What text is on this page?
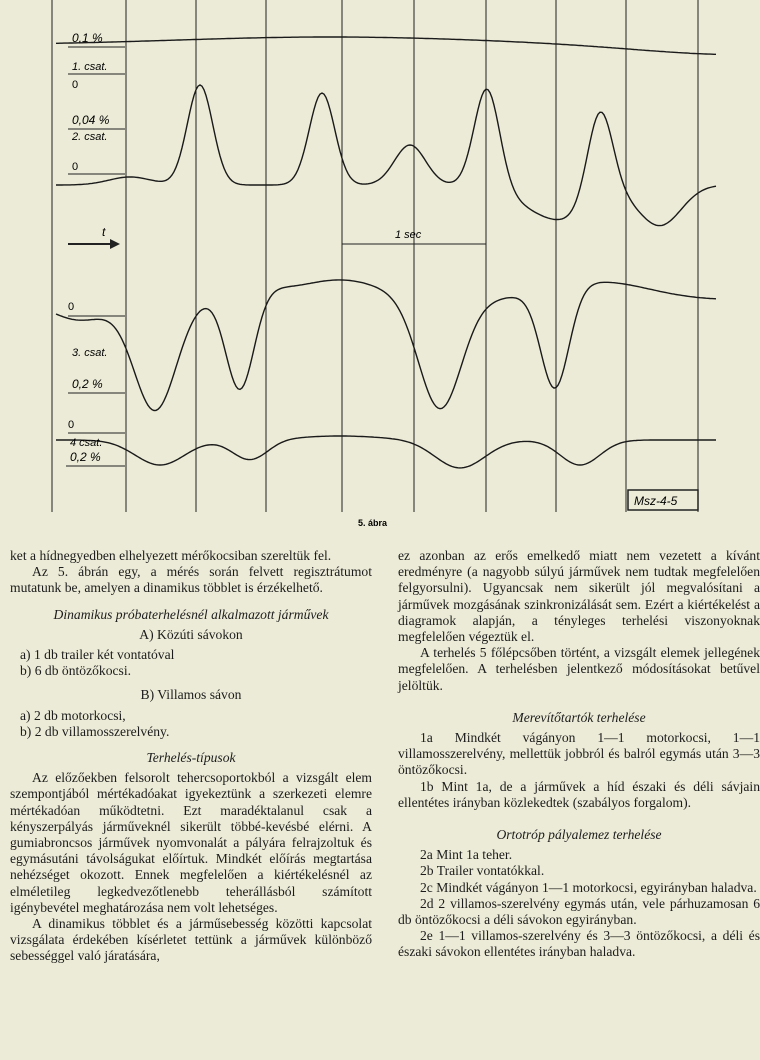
0,1 %
1. csat.
0
0,04 %
2. csat.
0
t	1 sec
0
3. csat.
0,2 %
0
4 csat.
0,2 %
Msz-4-5
5. ábra

ket a hídnegyedben elhelyezett mérőkocsiban szereltük fel.

Az 5. ábrán egy, a mérés során felvett regisztrátumot mutatunk be, amelyen a dinamikus többlet is érzékelhető.

Dinamikus próbaterhelésnél alkalmazott járművek

A) Közúti sávokon

a) 1 db trailer két vontatóval

b) 6 db öntözőkocsi.

B) Villamos sávon

a) 2 db motorkocsi,

b) 2 db villamosszerelvény.

Terhelés-típusok

Az előzőekben felsorolt teherсsoportokból a vizsgált elem szempontjából mértékadóakat igyekeztünk a szerkezeti elemre mértékadóan működtetni. Ezt maradéktalanul csak a kényszerpályás járműveknél sikerült többé-kevésbé elérni. A gumiabroncsos járművek nyomvonalát a pályára felrajzoltuk és egymásutáni távolságukat előírtuk. Mindkét előírás megtartása nehézséget okozott. Ennek megfelelően a kiértékelésnél az elméletileg legkedvezőtlenebb teherállásból számított igénybevétel meghatározása nem volt lehetséges.

A dinamikus többlet és a járműsebesség közötti kapcsolat vizsgálata érdekében kísérletet tettünk a járművek különböző sebességgel való járatására,

ez azonban az erős emelkedő miatt nem vezetett a kívánt eredményre (a nagyobb súlyú járművek nem tudtak megfelelően felgyorsulni). Ugyancsak nem sikerült jól megvalósítani a járművek mozgásának szinkronizálását sem. Ezért a kiértékelést a diagramok alapján, a tényleges terhelési viszonyoknak megfelelően végeztük el.

A terhelés 5 főlépcsőben történt, a vizsgált elemek jellegének megfelelően. A terhelésben jelentkező módosításokat betűvel jelöltük.

Merevítőtartók terhelése

1a Mindkét vágányon 1—1 motorkocsi, 1—1 villamosszerelvény, mellettük jobbról és balról egymás után 3—3 öntözőkocsi.

1b Mint 1a, de a járművek a híd északi és déli sávjain ellentétes irányban közlekedtek (szabályos forgalom).

Ortotróp pályalemez terhelése

2a Mint 1a teher.

2b Trailer vontatókkal.

2c Mindkét vágányon 1—1 motorkocsi, egyirányban haladva.

2d 2 villamos-szerelvény egymás után, vele párhuzamosan 6 db öntözőkocsi a déli sávokon egyirányban.

2e 1—1 villamos-szerelvény és 3—3 öntözőkocsi, a déli és északi sávokon ellentétes irányban haladva.
